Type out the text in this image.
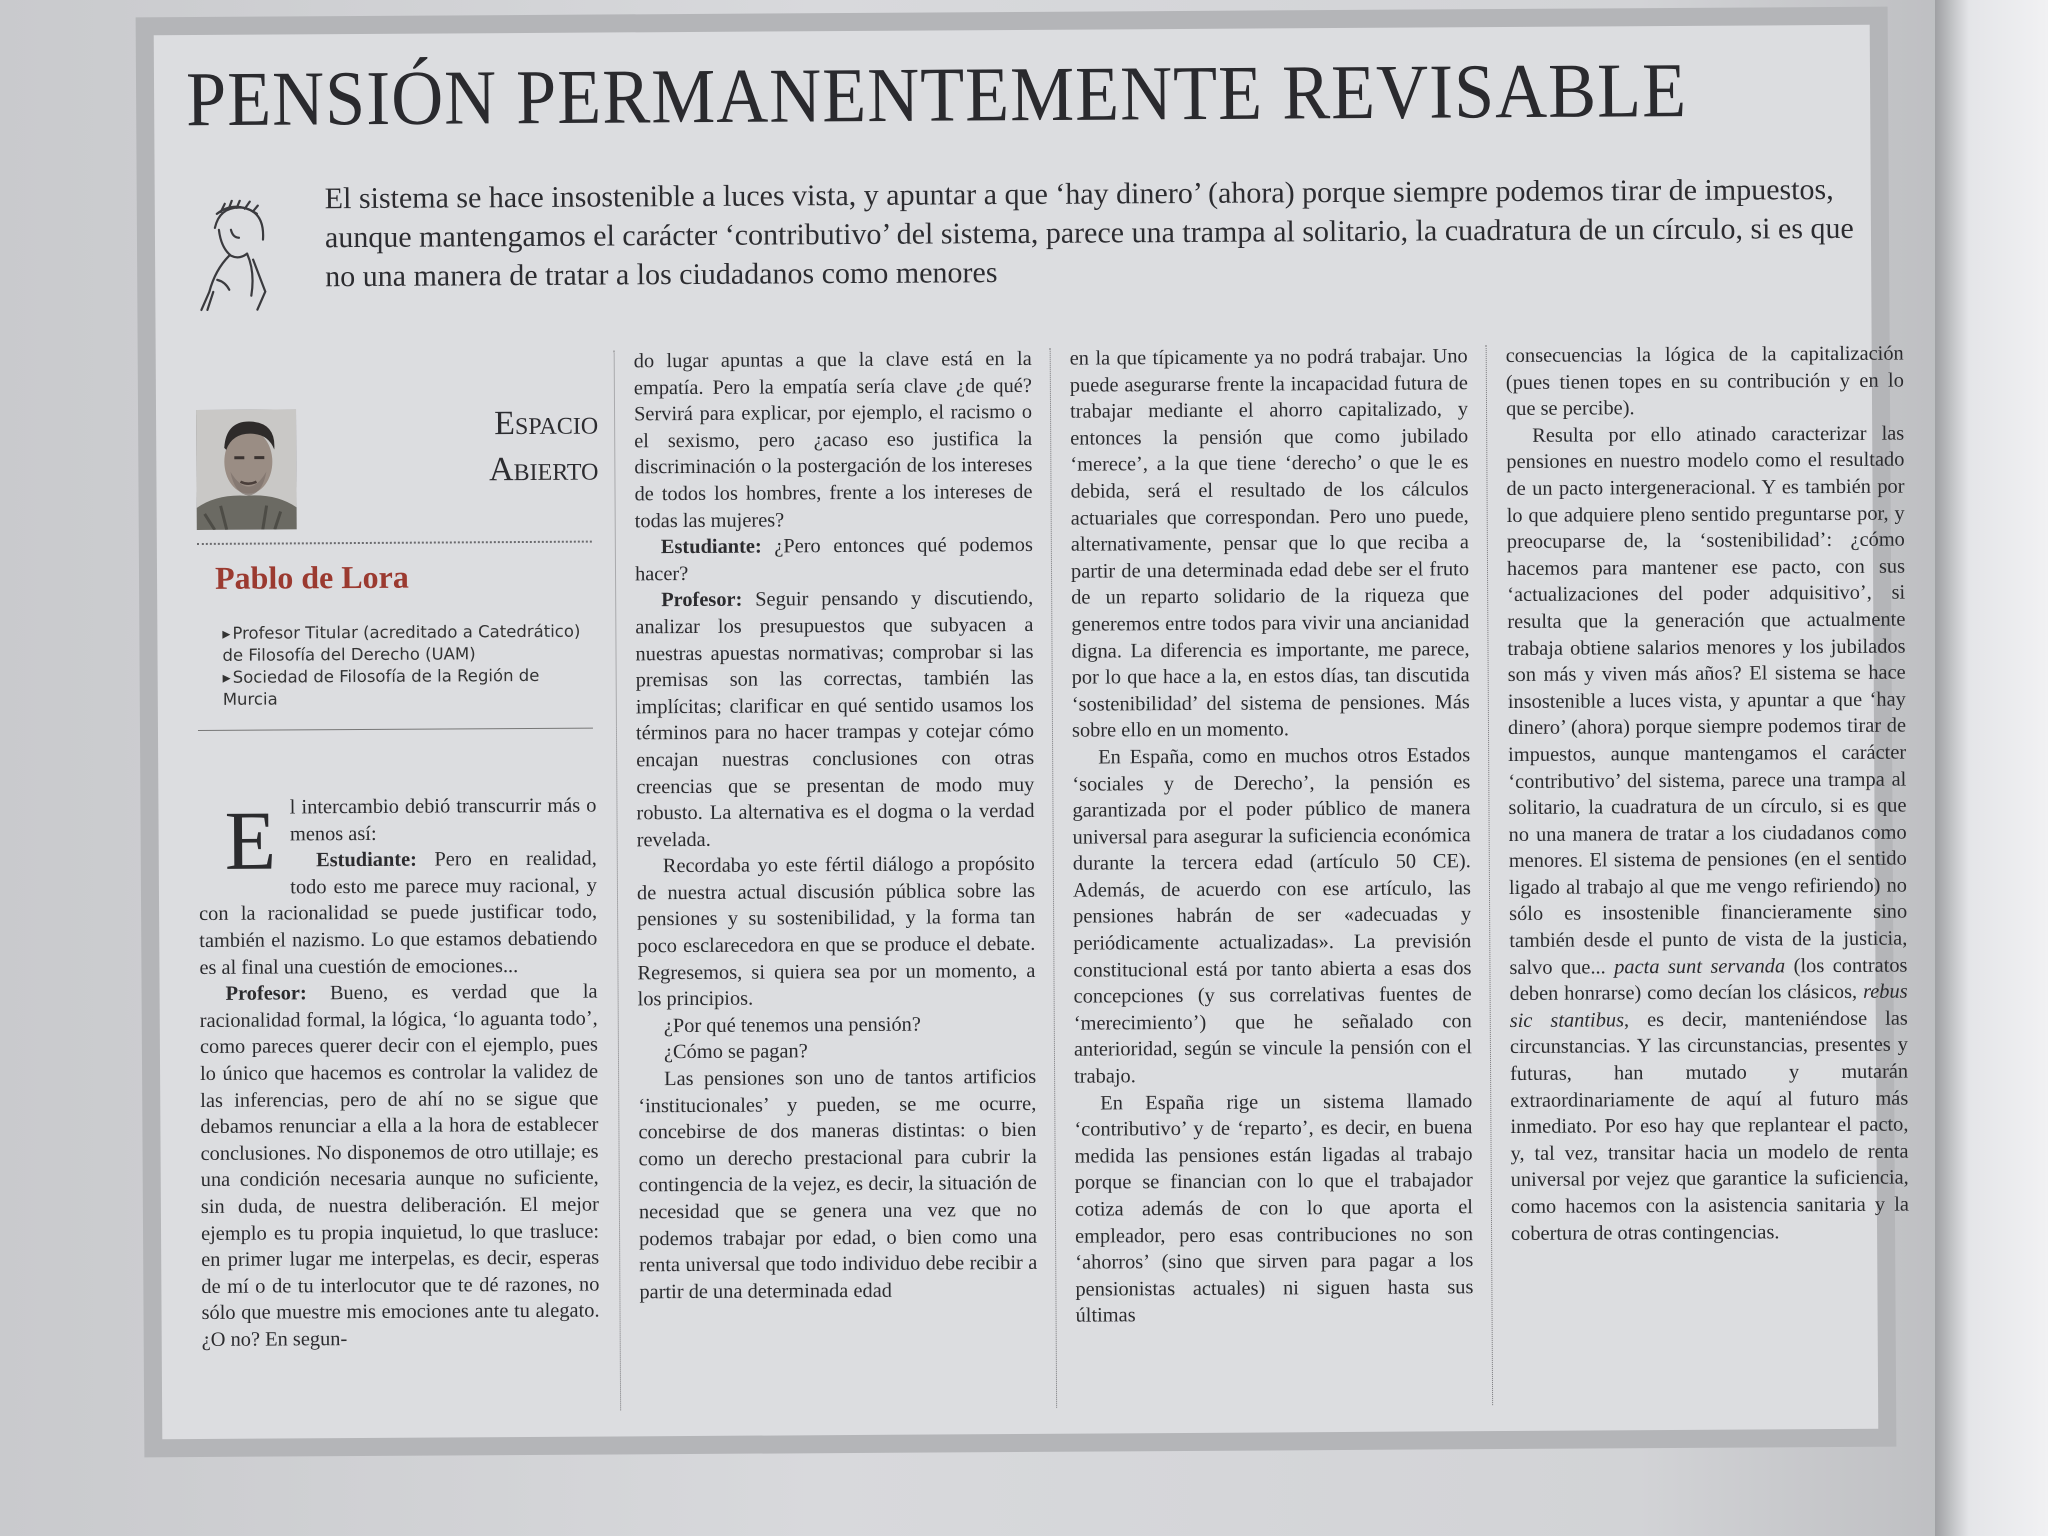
PENSIÓN PERMANENTEMENTE REVISABLE
El sistema se hace insostenible a luces vista, y apuntar a que ‘hay dinero’ (ahora) porque siempre podemos tirar de impuestos, aunque mantengamos el carácter ‘contributivo’ del sistema, parece una trampa al solitario, la cuadratura de un círculo, si es que no una manera de tratar a los ciudadanos como menores
Espacio
Abierto
Pablo de Lora
▸ Profesor Titular (acreditado a Catedrático) de Filosofía del Derecho (UAM)
▸ Sociedad de Filosofía de la Región de Murcia

El intercambio debió transcurrir más o menos así:

Estudiante: Pero en realidad, todo esto me parece muy racional, y con la racionalidad se puede justificar todo, también el nazismo. Lo que estamos debatiendo es al final una cuestión de emociones...

Profesor: Bueno, es verdad que la racionalidad formal, la lógica, ‘lo aguanta todo’, como pareces querer decir con el ejemplo, pues lo único que hacemos es controlar la validez de las inferencias, pero de ahí no se sigue que debamos renunciar a ella a la hora de establecer conclusiones. No disponemos de otro utillaje; es una condición necesaria aunque no suficiente, sin duda, de nuestra deliberación. El mejor ejemplo es tu propia inquietud, lo que trasluce: en primer lugar me interpelas, es decir, esperas de mí o de tu interlocutor que te dé razones, no sólo que muestre mis emociones ante tu alegato. ¿O no? En segun-

do lugar apuntas a que la clave está en la empatía. Pero la empatía sería clave ¿de qué? Servirá para explicar, por ejemplo, el racismo o el sexismo, pero ¿acaso eso justifica la discriminación o la postergación de los intereses de todos los hombres, frente a los intereses de todas las mujeres?

Estudiante: ¿Pero entonces qué podemos hacer?

Profesor: Seguir pensando y discutiendo, analizar los presupuestos que subyacen a nuestras apuestas normativas; comprobar si las premisas son las correctas, también las implícitas; clarificar en qué sentido usamos los términos para no hacer trampas y cotejar cómo encajan nuestras conclusiones con otras creencias que se presentan de modo muy robusto. La alternativa es el dogma o la verdad revelada.

Recordaba yo este fértil diálogo a propósito de nuestra actual discusión pública sobre las pensiones y su sostenibilidad, y la forma tan poco esclarecedora en que se produce el debate. Regresemos, si quiera sea por un momento, a los principios.

¿Por qué tenemos una pensión?

¿Cómo se pagan?

Las pensiones son uno de tantos artificios ‘institucionales’ y pueden, se me ocurre, concebirse de dos maneras distintas: o bien como un derecho prestacional para cubrir la contingencia de la vejez, es decir, la situación de necesidad que se genera una vez que no podemos trabajar por edad, o bien como una renta universal que todo individuo debe recibir a partir de una determinada edad

en la que típicamente ya no podrá trabajar. Uno puede asegurarse frente la incapacidad futura de trabajar mediante el ahorro capitalizado, y entonces la pensión que como jubilado ‘merece’, a la que tiene ‘derecho’ o que le es debida, será el resultado de los cálculos actuariales que correspondan. Pero uno puede, alternativamente, pensar que lo que reciba a partir de una determinada edad debe ser el fruto de un reparto solidario de la riqueza que generemos entre todos para vivir una ancianidad digna. La diferencia es importante, me parece, por lo que hace a la, en estos días, tan discutida ‘sostenibilidad’ del sistema de pensiones. Más sobre ello en un momento.

En España, como en muchos otros Estados ‘sociales y de Derecho’, la pensión es garantizada por el poder público de manera universal para asegurar la suficiencia económica durante la tercera edad (artículo 50 CE). Además, de acuerdo con ese artículo, las pensiones habrán de ser «adecuadas y periódicamente actualizadas». La previsión constitucional está por tanto abierta a esas dos concepciones (y sus correlativas fuentes de ‘merecimiento’) que he señalado con anterioridad, según se vincule la pensión con el trabajo.

En España rige un sistema llamado ‘contributivo’ y de ‘reparto’, es decir, en buena medida las pensiones están ligadas al trabajo porque se financian con lo que el trabajador cotiza además de con lo que aporta el empleador, pero esas contribuciones no son ‘ahorros’ (sino que sirven para pagar a los pensionistas actuales) ni siguen hasta sus últimas

consecuencias la lógica de la capitalización (pues tienen topes en su contribución y en lo que se percibe).

Resulta por ello atinado caracterizar las pensiones en nuestro modelo como el resultado de un pacto intergeneracional. Y es también por lo que adquiere pleno sentido preguntarse por, y preocuparse de, la ‘sostenibilidad’: ¿cómo hacemos para mantener ese pacto, con sus ‘actualizaciones del poder adquisitivo’, si resulta que la generación que actualmente trabaja obtiene salarios menores y los jubilados son más y viven más años? El sistema se hace insostenible a luces vista, y apuntar a que ‘hay dinero’ (ahora) porque siempre podemos tirar de impuestos, aunque mantengamos el carácter ‘contributivo’ del sistema, parece una trampa al solitario, la cuadratura de un círculo, si es que no una manera de tratar a los ciudadanos como menores. El sistema de pensiones (en el sentido ligado al trabajo al que me vengo refiriendo) no sólo es insostenible financieramente sino también desde el punto de vista de la justicia, salvo que... pacta sunt servanda (los contratos deben honrarse) como decían los clásicos, rebus sic stantibus, es decir, manteniéndose las circunstancias. Y las circunstancias, presentes y futuras, han mutado y mutarán extraordinariamente de aquí al futuro más inmediato. Por eso hay que replantear el pacto, y, tal vez, transitar hacia un modelo de renta universal por vejez que garantice la suficiencia, como hacemos con la asistencia sanitaria y la cobertura de otras contingencias.
